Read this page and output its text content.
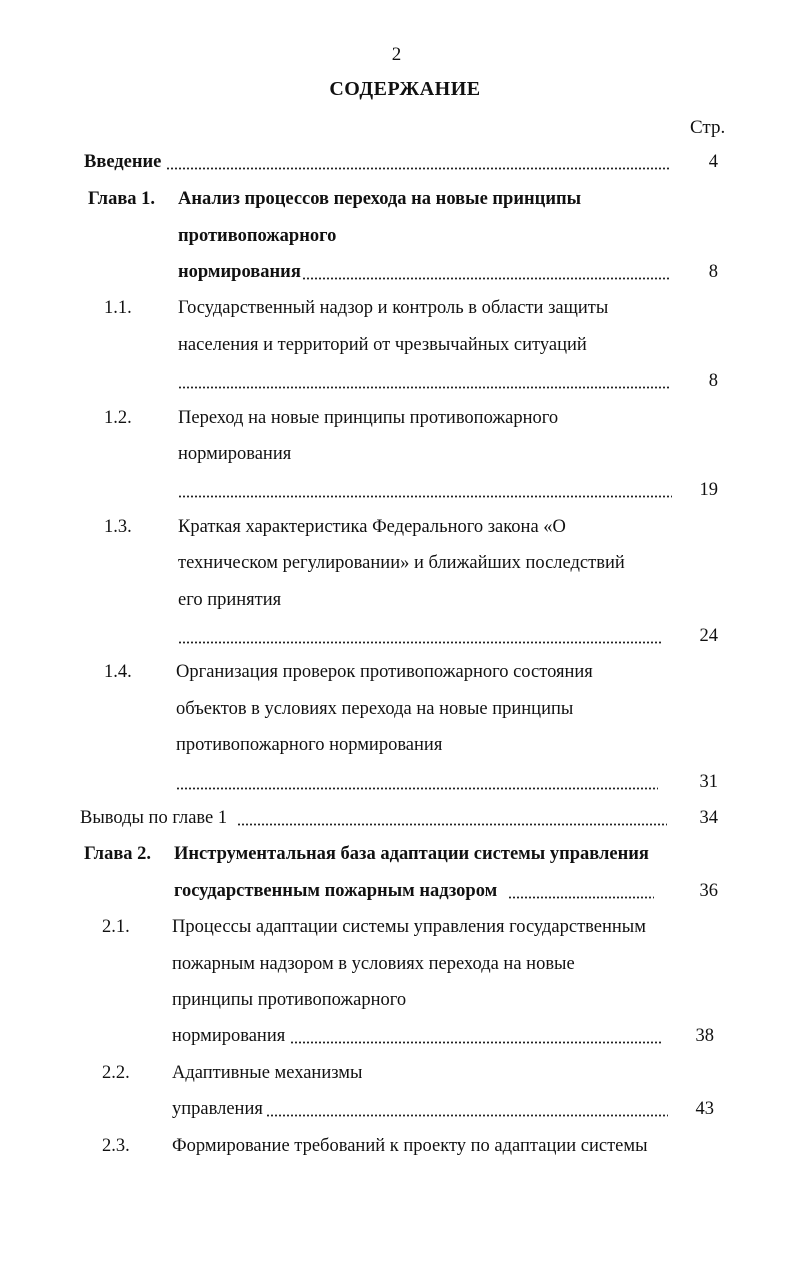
2
СОДЕРЖАНИЕ
Стр.
Введение	4
Глава 1. Анализ процессов перехода на новые принципы
противопожарного
нормирования	8
1.1.	Государственный надзор и контроль в области защиты
населения и территорий от чрезвычайных ситуаций
8
1.2.	Переход на новые принципы противопожарного
нормирования
19
1.3.	Краткая характеристика Федерального закона «О
техническом регулировании» и ближайших последствий
его принятия
24
1.4. Организация проверок противопожарного состояния
объектов в условиях перехода на новые принципы
противопожарного нормирования
31
Выводы по главе 1	34
Глава 2. Инструментальная база адаптации системы управления
государственным пожарным надзором	36
2.1. Процессы адаптации системы управления государственным
пожарным надзором в условиях перехода на новые
принципы противопожарного
нормирования	38
2.2. Адаптивные механизмы
управления	43
2.3. Формирование требований к проекту по адаптации системы
